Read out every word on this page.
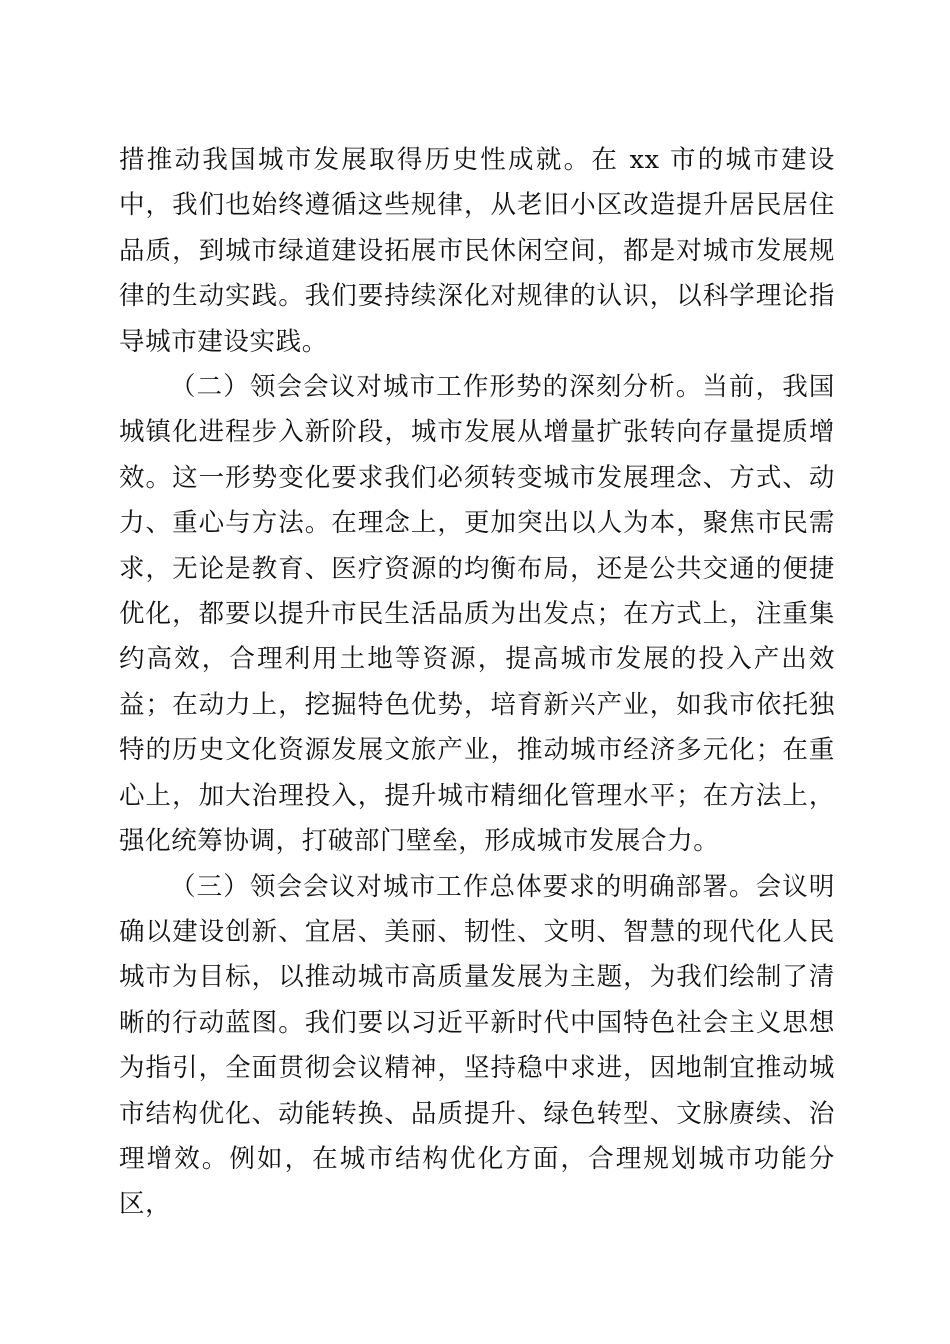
措推动我国城市发展取得历史性成就。在 xx 市的城市建设中，我们也始终遵循这些规律，从老旧小区改造提升居民居住品质，到城市绿道建设拓展市民休闲空间，都是对城市发展规律的生动实践。我们要持续深化对规律的认识，以科学理论指导城市建设实践。

（二）领会会议对城市工作形势的深刻分析。当前，我国城镇化进程步入新阶段，城市发展从增量扩张转向存量提质增效。这一形势变化要求我们必须转变城市发展理念、方式、动力、重心与方法。在理念上，更加突出以人为本，聚焦市民需求，无论是教育、医疗资源的均衡布局，还是公共交通的便捷优化，都要以提升市民生活品质为出发点；在方式上，注重集约高效，合理利用土地等资源，提高城市发展的投入产出效益；在动力上，挖掘特色优势，培育新兴产业，如我市依托独特的历史文化资源发展文旅产业，推动城市经济多元化；在重心上，加大治理投入，提升城市精细化管理水平；在方法上，强化统筹协调，打破部门壁垒，形成城市发展合力。

（三）领会会议对城市工作总体要求的明确部署。会议明确以建设创新、宜居、美丽、韧性、文明、智慧的现代化人民城市为目标，以推动城市高质量发展为主题，为我们绘制了清晰的行动蓝图。我们要以习近平新时代中国特色社会主义思想为指引，全面贯彻会议精神，坚持稳中求进，因地制宜推动城市结构优化、动能转换、品质提升、绿色转型、文脉赓续、治理增效。例如，在城市结构优化方面，合理规划城市功能分区，
